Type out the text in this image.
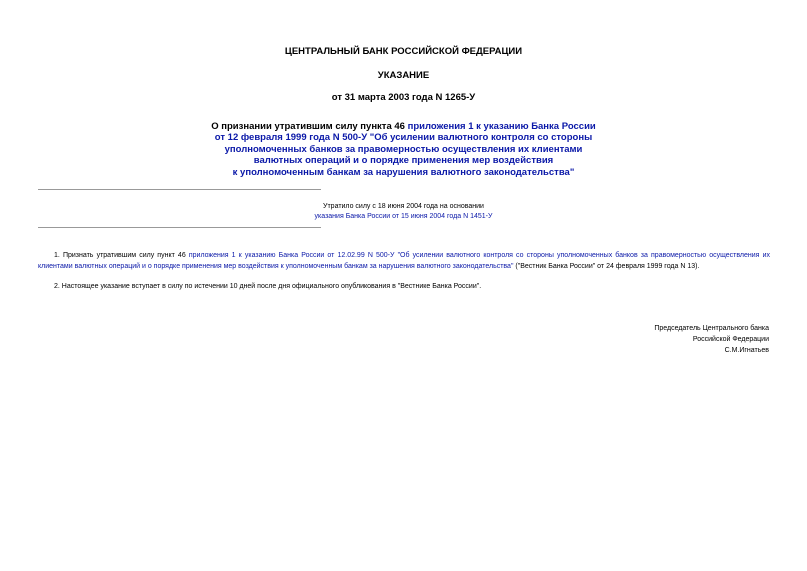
ЦЕНТРАЛЬНЫЙ БАНК РОССИЙСКОЙ ФЕДЕРАЦИИ
УКАЗАНИЕ
от 31 марта 2003 года N 1265-У
О признании утратившим силу пункта 46 приложения 1 к указанию Банка России
от 12 февраля 1999 года N 500-У "Об усилении валютного контроля со стороны
уполномоченных банков за правомерностью осуществления их клиентами
валютных операций и о порядке применения мер воздействия
к уполномоченным банкам за нарушения валютного законодательства"
Утратило силу с 18 июня 2004 года на основании
указания Банка России от 15 июня 2004 года N 1451-У
1. Признать утратившим силу пункт 46 приложения 1 к указанию Банка России от 12.02.99 N 500-У "Об усилении валютного контроля со стороны уполномоченных банков за правомерностью осуществления их клиентами валютных операций и о порядке применения мер воздействия к уполномоченным банкам за нарушения валютного законодательства" ("Вестник Банка России" от 24 февраля 1999 года N 13).
2. Настоящее указание вступает в силу по истечении 10 дней после дня официального опубликования в "Вестнике Банка России".
Председатель Центрального банка
Российской Федерации
С.М.Игнатьев
